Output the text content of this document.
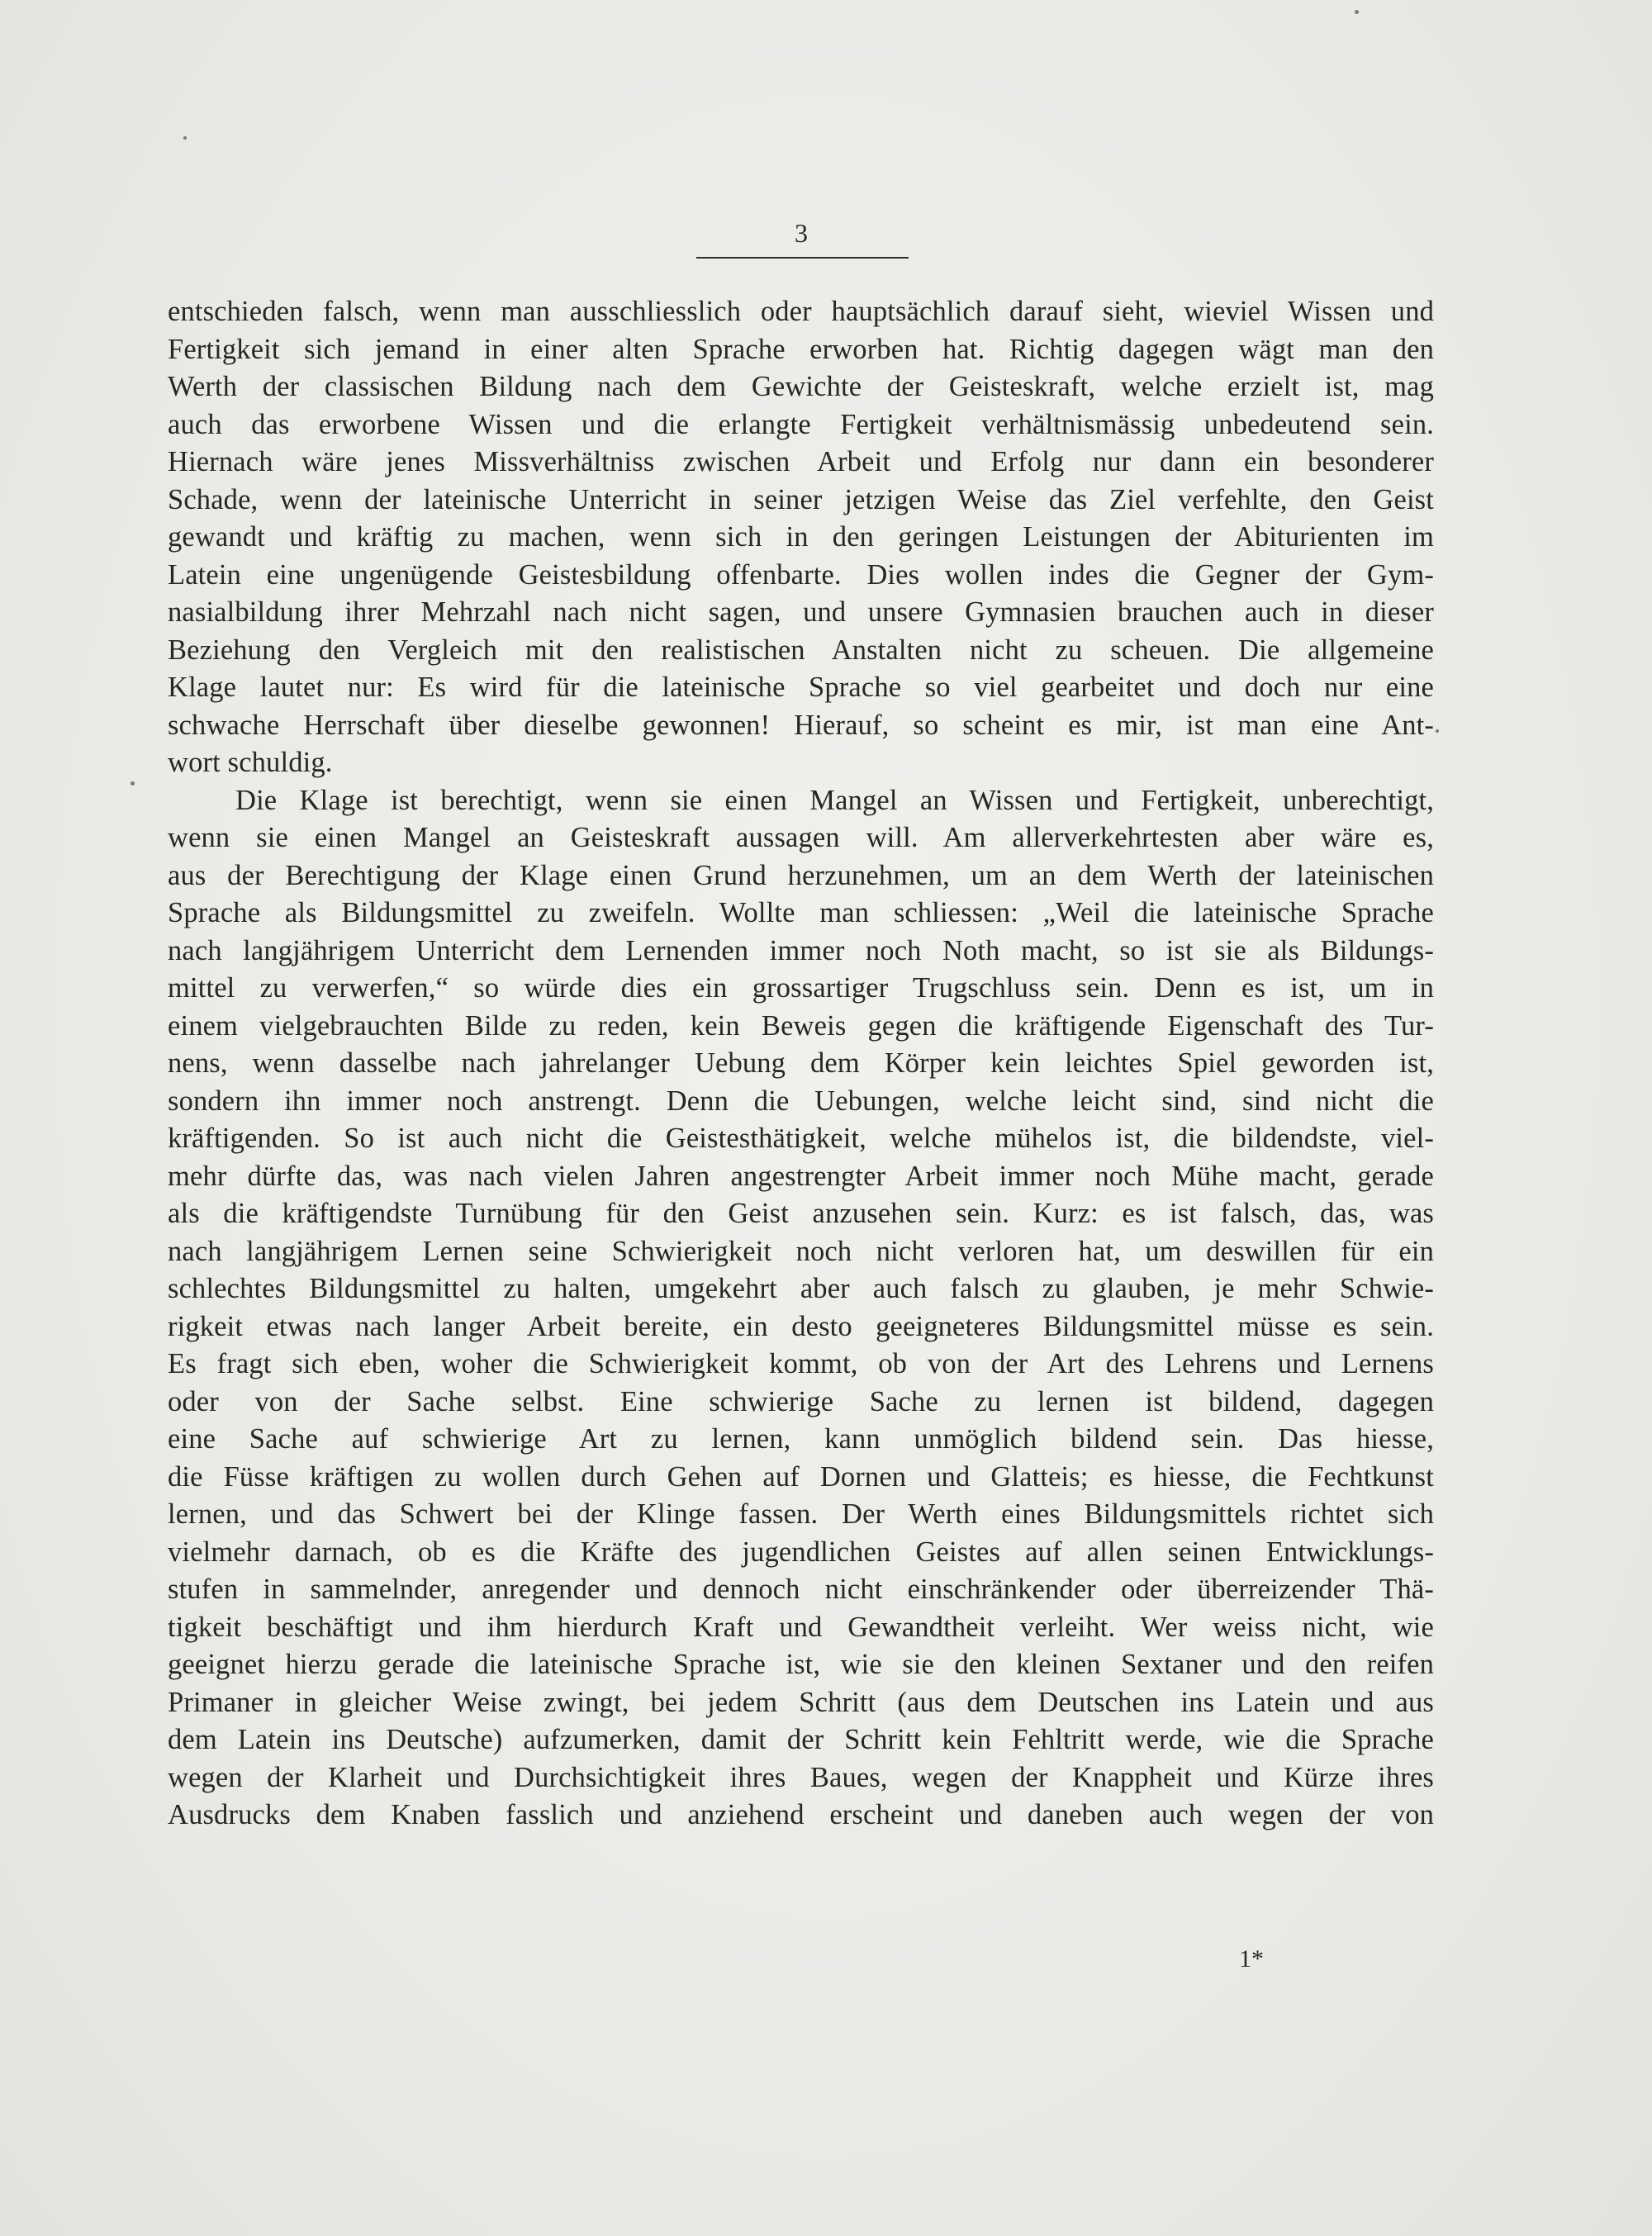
3
entschieden falsch, wenn man ausschliesslich oder hauptsächlich darauf sieht, wieviel Wissen und
Fertigkeit sich jemand in einer alten Sprache erworben hat. Richtig dagegen wägt man den
Werth der classischen Bildung nach dem Gewichte der Geisteskraft, welche erzielt ist, mag
auch das erworbene Wissen und die erlangte Fertigkeit verhältnismässig unbedeutend sein.
Hiernach wäre jenes Missverhältniss zwischen Arbeit und Erfolg nur dann ein besonderer
Schade, wenn der lateinische Unterricht in seiner jetzigen Weise das Ziel verfehlte, den Geist
gewandt und kräftig zu machen, wenn sich in den geringen Leistungen der Abiturienten im
Latein eine ungenügende Geistesbildung offenbarte. Dies wollen indes die Gegner der Gym-
nasialbildung ihrer Mehrzahl nach nicht sagen, und unsere Gymnasien brauchen auch in dieser
Beziehung den Vergleich mit den realistischen Anstalten nicht zu scheuen. Die allgemeine
Klage lautet nur: Es wird für die lateinische Sprache so viel gearbeitet und doch nur eine
schwache Herrschaft über dieselbe gewonnen! Hierauf, so scheint es mir, ist man eine Ant-
wort schuldig.
Die Klage ist berechtigt, wenn sie einen Mangel an Wissen und Fertigkeit, unberechtigt,
wenn sie einen Mangel an Geisteskraft aussagen will. Am allerverkehrtesten aber wäre es,
aus der Berechtigung der Klage einen Grund herzunehmen, um an dem Werth der lateinischen
Sprache als Bildungsmittel zu zweifeln. Wollte man schliessen: „Weil die lateinische Sprache
nach langjährigem Unterricht dem Lernenden immer noch Noth macht, so ist sie als Bildungs-
mittel zu verwerfen,“ so würde dies ein grossartiger Trugschluss sein. Denn es ist, um in
einem vielgebrauchten Bilde zu reden, kein Beweis gegen die kräftigende Eigenschaft des Tur-
nens, wenn dasselbe nach jahrelanger Uebung dem Körper kein leichtes Spiel geworden ist,
sondern ihn immer noch anstrengt. Denn die Uebungen, welche leicht sind, sind nicht die
kräftigenden. So ist auch nicht die Geistesthätigkeit, welche mühelos ist, die bildendste, viel-
mehr dürfte das, was nach vielen Jahren angestrengter Arbeit immer noch Mühe macht, gerade
als die kräftigendste Turnübung für den Geist anzusehen sein. Kurz: es ist falsch, das, was
nach langjährigem Lernen seine Schwierigkeit noch nicht verloren hat, um deswillen für ein
schlechtes Bildungsmittel zu halten, umgekehrt aber auch falsch zu glauben, je mehr Schwie-
rigkeit etwas nach langer Arbeit bereite, ein desto geeigneteres Bildungsmittel müsse es sein.
Es fragt sich eben, woher die Schwierigkeit kommt, ob von der Art des Lehrens und Lernens
oder von der Sache selbst. Eine schwierige Sache zu lernen ist bildend, dagegen
eine Sache auf schwierige Art zu lernen, kann unmöglich bildend sein. Das hiesse,
die Füsse kräftigen zu wollen durch Gehen auf Dornen und Glatteis; es hiesse, die Fechtkunst
lernen, und das Schwert bei der Klinge fassen. Der Werth eines Bildungsmittels richtet sich
vielmehr darnach, ob es die Kräfte des jugendlichen Geistes auf allen seinen Entwicklungs-
stufen in sammelnder, anregender und dennoch nicht einschränkender oder überreizender Thä-
tigkeit beschäftigt und ihm hierdurch Kraft und Gewandtheit verleiht. Wer weiss nicht, wie
geeignet hierzu gerade die lateinische Sprache ist, wie sie den kleinen Sextaner und den reifen
Primaner in gleicher Weise zwingt, bei jedem Schritt (aus dem Deutschen ins Latein und aus
dem Latein ins Deutsche) aufzumerken, damit der Schritt kein Fehltritt werde, wie die Sprache
wegen der Klarheit und Durchsichtigkeit ihres Baues, wegen der Knappheit und Kürze ihres
Ausdrucks dem Knaben fasslich und anziehend erscheint und daneben auch wegen der von
1*
